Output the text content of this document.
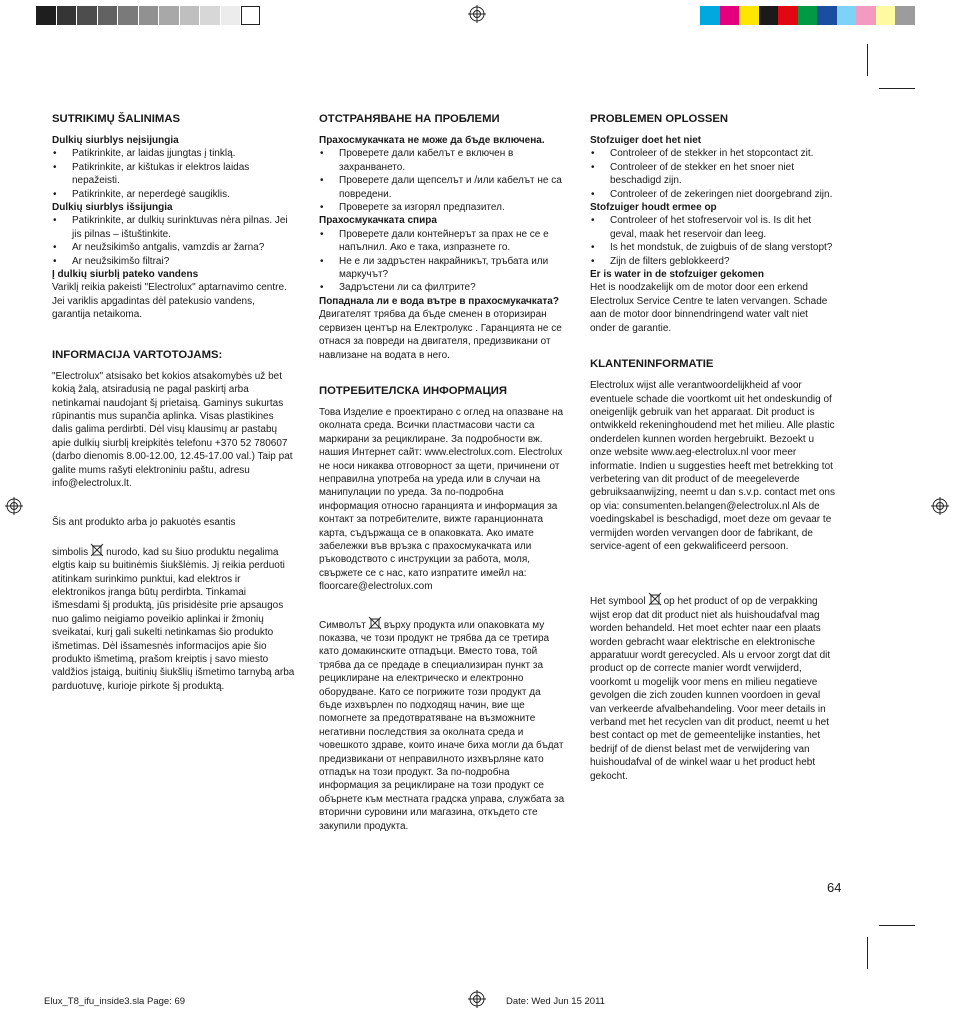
SUTRIKIMŲ ŠALINIMAS
Dulkių siurblys neįsijungia
• Patikrinkite, ar laidas įjungtas į tinklą.
• Patikrinkite, ar kištukas ir elektros laidas nepažeisti.
• Patikrinkite, ar neperdegė saugiklis.
Dulkių siurblys išsijungia
• Patikrinkite, ar dulkių surinktuvas nėra pilnas. Jei jis pilnas – ištuštinkite.
• Ar neužsikimšo antgalis, vamzdis ar žarna?
• Ar neužsikimšo filtrai?
Į dulkių siurblį pateko vandens

Variklį reikia pakeisti "Electrolux" aptarnavimo centre. Jei variklis apgadintas dėl patekusio vandens, garantija netaikoma.

INFORMACIJA VARTOTOJAMS:

"Electrolux" atsisako bet kokios atsakomybės už bet kokią žalą, atsiradusią ne pagal paskirtį arba netinkamai naudojant šį prietaisą. Gaminys sukurtas rūpinantis mus supančia aplinka. Visas plastikines dalis galima perdirbti. Dėl visų klausimų ar pastabų apie dulkių siurblį kreipkitės telefonu +370 52 780607 (darbo dienomis 8.00-12.00, 12.45-17.00 val.) Taip pat galite mums rašyti elektroniniu paštu, adresu info@electrolux.lt.

Šis ant produkto arba jo pakuotės esantis

simbolis nurodo, kad su šiuo produktu negalima elgtis kaip su buitinėmis šiukšlėmis. Jį reikia perduoti atitinkam surinkimo punktui, kad elektros ir elektronikos įranga būtų perdirbta. Tinkamai išmesdami šį produktą, jūs prisidėsite prie apsaugos nuo galimo neigiamo poveikio aplinkai ir žmonių sveikatai, kurį gali sukelti netinkamas šio produkto išmetimas. Dėl išsamesnės informacijos apie šio produkto išmetimą, prašom kreiptis į savo miesto valdžios įstaigą, buitinių šiukšlių išmetimo tarnybą arba parduotuvę, kurioje pirkote šį produktą.

ОТСТРАНЯВАНЕ НА ПРОБЛЕМИ
Прахосмукачката не може да бъде включена.
• Проверете дали кабелът е включен в захранването.
• Проверете дали щепселът и /или кабелът не са повредени.
• Проверете за изгорял предпазител.
Прахосмукачката спира
• Проверете дали контейнерът за прах не се е напълнил. Ако е така, изпразнете го.
• Не е ли задръстен накрайникът, тръбата или маркучът?
• Задръстени ли са филтрите?
Попаднала ли е вода вътре в прахосмукачката?

Двигателят трябва да бъде сменен в оторизиран сервизен център на Електролукс . Гаранцията не се отнася за повреди на двигателя, предизвикани от навлизане на водата в него.

ПОТРЕБИТЕЛСКА ИНФОРМАЦИЯ

Това Изделие е проектирано с оглед на опазване на околната среда. Всички пластмасови части са маркирани за рециклиране. За подробности вж. нашия Интернет сайт: www.electrolux.com. Electrolux не носи никаква отговорност за щети, причинени от неправилна употреба на уреда или в случаи на манипулации по уреда. За по-подробна информация относно гаранцията и информация за контакт за потребителите, вижте гаранционната карта, съдържаща се в опаковката. Ако имате забележки във връзка с прахосмукачката или ръководството с инструкции за работа, моля, свържете се с нас, като изпратите имейл на: floorcare@electrolux.com

Символът върху продукта или опаковката му показва, че този продукт не трябва да се третира като домакинските отпадъци. Вместо това, той трябва да се предаде в специализиран пункт за рециклиране на електрическо и електронно оборудване. Като се погрижите този продукт да бъде изхвърлен по подходящ начин, вие ще помогнете за предотвратяване на възможните негативни последствия за околната среда и човешкото здраве, които иначе биха могли да бъдат предизвикани от неправилното изхвърляне като отпадък на този продукт. За по-подробна информация за рециклиране на този продукт се обърнете към местната градска управа, службата за вторични суровини или магазина, откъдето сте закупили продукта.

PROBLEMEN OPLOSSEN
Stofzuiger doet het niet
• Controleer of de stekker in het stopcontact zit.
• Controleer of de stekker en het snoer niet beschadigd zijn.
• Controleer of de zekeringen niet doorgebrand zijn.
Stofzuiger houdt ermee op
• Controleer of het stofreservoir vol is. Is dit het geval, maak het reservoir dan leeg.
• Is het mondstuk, de zuigbuis of de slang verstopt?
• Zijn de filters geblokkeerd?
Er is water in de stofzuiger gekomen

Het is noodzakelijk om de motor door een erkend Electrolux Service Centre te laten vervangen. Schade aan de motor door binnendringend water valt niet onder de garantie.

KLANTENINFORMATIE

Electrolux wijst alle verantwoordelijkheid af voor eventuele schade die voortkomt uit het ondeskundig of oneigenlijk gebruik van het apparaat. Dit product is ontwikkeld rekeninghoudend met het milieu. Alle plastic onderdelen kunnen worden hergebruikt. Bezoekt u onze website www.aeg-electrolux.nl voor meer informatie. Indien u suggesties heeft met betrekking tot verbetering van dit product of de meegeleverde gebruiksaanwijzing, neemt u dan s.v.p. contact met ons op via: consumenten.belangen@electrolux.nl Als de voedingskabel is beschadigd, moet deze om gevaar te vermijden worden vervangen door de fabrikant, de service-agent of een gekwalificeerd persoon.

Het symbool op het product of op de verpakking wijst erop dat dit product niet als huishoudafval mag worden behandeld. Het moet echter naar een plaats worden gebracht waar elektrische en elektronische apparatuur wordt gerecycled. Als u ervoor zorgt dat dit product op de correcte manier wordt verwijderd, voorkomt u mogelijk voor mens en milieu negatieve gevolgen die zich zouden kunnen voordoen in geval van verkeerde afvalbehandeling. Voor meer details in verband met het recyclen van dit product, neemt u het best contact op met de gemeentelijke instanties, het bedrijf of de dienst belast met de verwijdering van huishoudafval of de winkel waar u het product hebt gekocht.

64
Elux_T8_ifu_inside3.sla Page: 69	Date: Wed Jun 15 2011
